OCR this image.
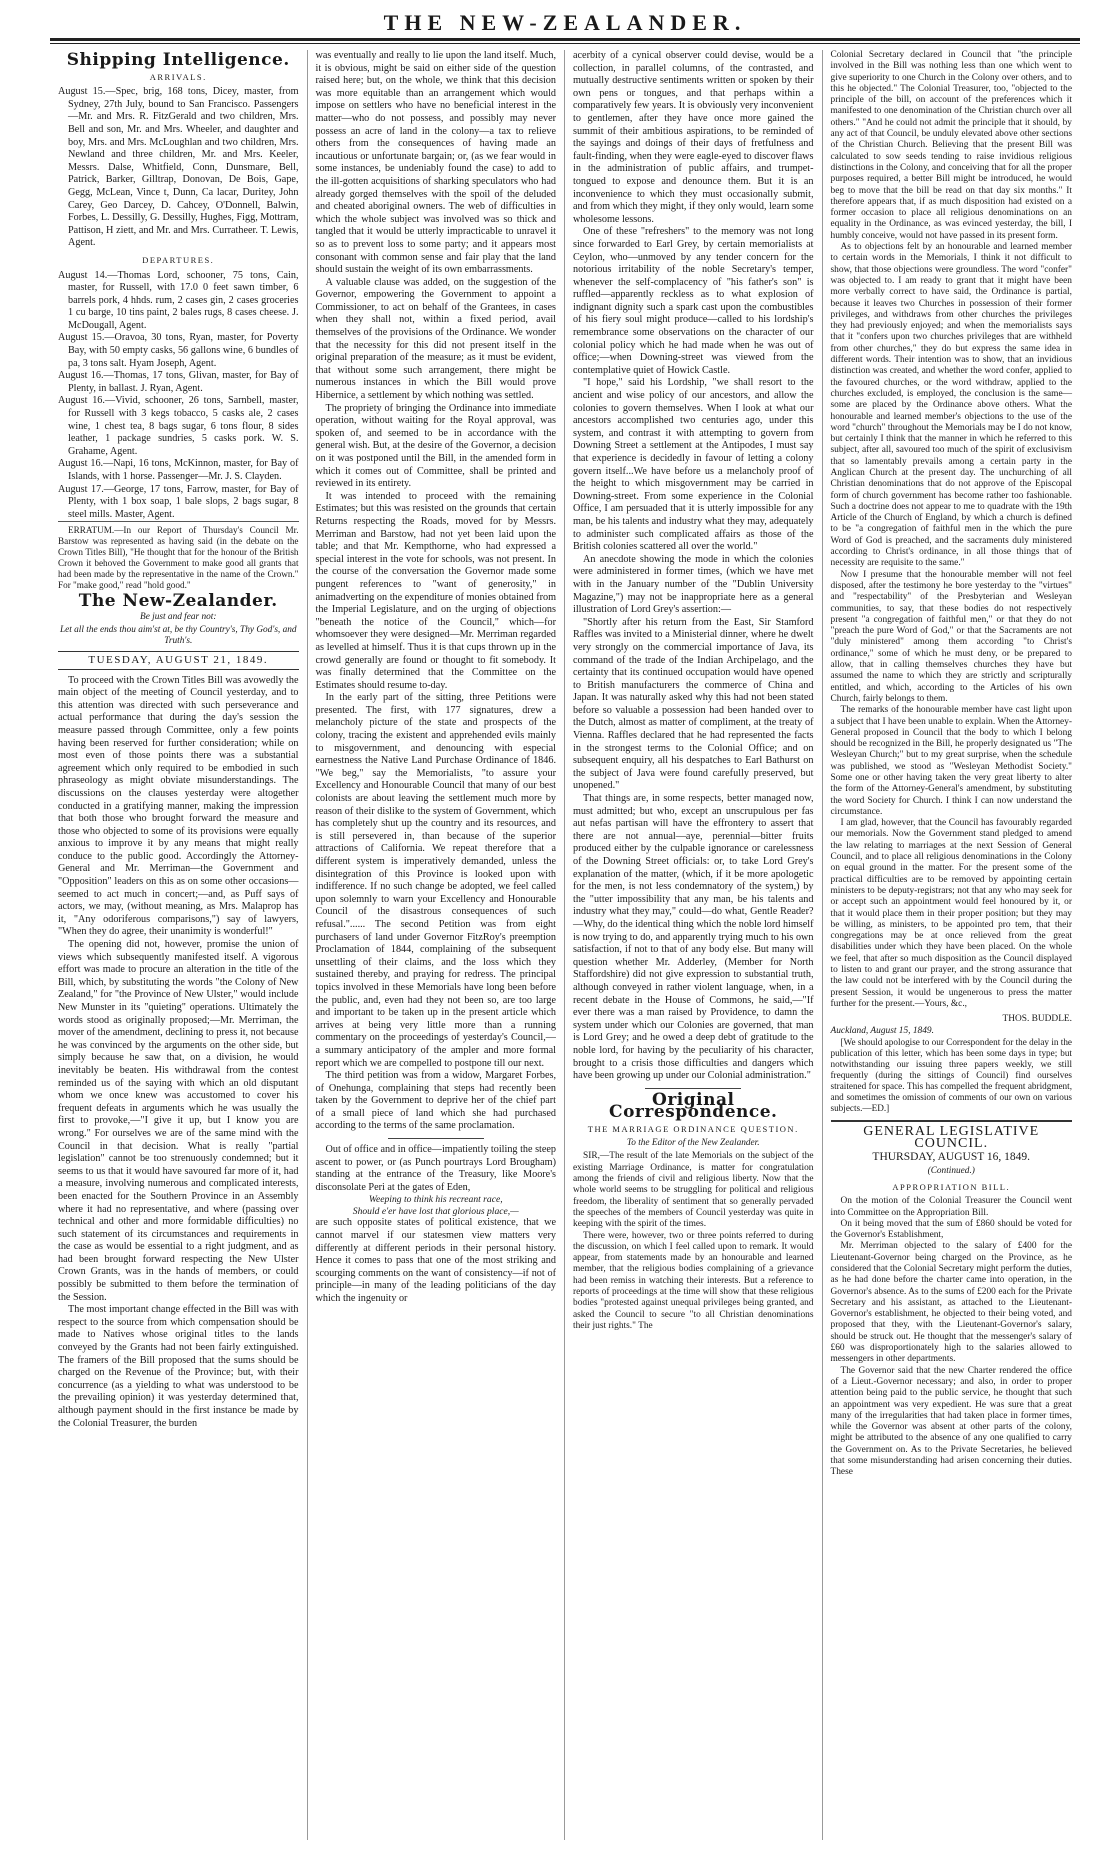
THE NEW-ZEALANDER.
Shipping Intelligence.
ARRIVALS.

August 15.—Spec, brig, 168 tons, Dicey, master, from Sydney, 27th July, bound to San Francisco. Passengers—Mr. and Mrs. R. FitzGerald and two children, Mrs. Bell and son, Mr. and Mrs. Wheeler, and daughter and boy, Mrs. and Mrs. McLoughlan and two children, Mrs. Newland and three children, Mr. and Mrs. Keeler, Messrs. Dalse, Whitfield, Conn, Dunsmare, Bell, Patrick, Barker, Gilltrap, Donovan, De Bois, Gape, Gegg, McLean, Vince t, Dunn, Ca lacar, Duritey, John Carey, Geo Darcey, D. Cahcey, O'Donnell, Balwin, Forbes, L. Dessilly, G. Dessilly, Hughes, Figg, Mottram, Pattison, H ziett, and Mr. and Mrs. Curratheer. T. Lewis, Agent.

DEPARTURES.

August 14.—Thomas Lord, schooner, 75 tons, Cain, master, for Russell, with 17.0 0 feet sawn timber, 6 barrels pork, 4 hhds. rum, 2 cases gin, 2 cases groceries 1 cu barge, 10 tins paint, 2 bales rugs, 8 cases cheese. J. McDougall, Agent.

August 15.—Oravoa, 30 tons, Ryan, master, for Poverty Bay, with 50 empty casks, 56 gallons wine, 6 bundles of pa, 3 tons salt. Hyam Joseph, Agent.

August 16.—Thomas, 17 tons, Glivan, master, for Bay of Plenty, in ballast. J. Ryan, Agent.

August 16.—Vivid, schooner, 26 tons, Sarnbell, master, for Russell with 3 kegs tobacco, 5 casks ale, 2 cases wine, 1 chest tea, 8 bags sugar, 6 tons flour, 8 sides leather, 1 package sundries, 5 casks pork. W. S. Grahame, Agent.

August 16.—Napi, 16 tons, McKinnon, master, for Bay of Islands, with 1 horse. Passenger—Mr. J. S. Clayden.

August 17.—George, 17 tons, Farrow, master, for Bay of Plenty, with 1 box soap, 1 bale slops, 2 bags sugar, 8 steel mills. Master, Agent.

ERRATUM.—In our Report of Thursday's Council Mr. Barstow was represented as having said (in the debate on the Crown Titles Bill), "He thought that for the honour of the British Crown it behoved the Government to make good all grants that had been made by the representative in the name of the Crown." For "make good," read "hold good."

The New-Zealander.
Be just and fear not:
Let all the ends thou aim'st at, be thy Country's, Thy God's, and Truth's.
TUESDAY, AUGUST 21, 1849.

To proceed with the Crown Titles Bill was avowedly the main object of the meeting of Council yesterday, and to this attention was directed with such perseverance and actual performance that during the day's session the measure passed through Committee, only a few points having been reserved for further consideration; while on most even of those points there was a substantial agreement which only required to be embodied in such phraseology as might obviate misunderstandings. The discussions on the clauses yesterday were altogether conducted in a gratifying manner, making the impression that both those who brought forward the measure and those who objected to some of its provisions were equally anxious to improve it by any means that might really conduce to the public good. Accordingly the Attorney-General and Mr. Merriman—the Government and "Opposition" leaders on this as on some other occasions—seemed to act much in concert;—and, as Puff says of actors, we may, (without meaning, as Mrs. Malaprop has it, "Any odoriferous comparisons,") say of lawyers, "When they do agree, their unanimity is wonderful!"

The opening did not, however, promise the union of views which subsequently manifested itself. A vigorous effort was made to procure an alteration in the title of the Bill, which, by substituting the words "the Colony of New Zealand," for "the Province of New Ulster," would include New Munster in its "quieting" operations. Ultimately the words stood as originally proposed;—Mr. Merriman, the mover of the amendment, declining to press it, not because he was convinced by the arguments on the other side, but simply because he saw that, on a division, he would inevitably be beaten. His withdrawal from the contest reminded us of the saying with which an old disputant whom we once knew was accustomed to cover his frequent defeats in arguments which he was usually the first to provoke,—"I give it up, but I know you are wrong." For ourselves we are of the same mind with the Council in that decision. What is really "partial legislation" cannot be too strenuously condemned; but it seems to us that it would have savoured far more of it, had a measure, involving numerous and complicated interests, been enacted for the Southern Province in an Assembly where it had no representative, and where (passing over technical and other and more formidable difficulties) no such statement of its circumstances and requirements in the case as would be essential to a right judgment, and as had been brought forward respecting the New Ulster Crown Grants, was in the hands of members, or could possibly be submitted to them before the termination of the Session.

The most important change effected in the Bill was with respect to the source from which compensation should be made to Natives whose original titles to the lands conveyed by the Grants had not been fairly extinguished. The framers of the Bill proposed that the sums should be charged on the Revenue of the Province; but, with their concurrence (as a yielding to what was understood to be the prevailing opinion) it was yesterday determined that, although payment should in the first instance be made by the Colonial Treasurer, the burden

was eventually and really to lie upon the land itself. Much, it is obvious, might be said on either side of the question raised here; but, on the whole, we think that this decision was more equitable than an arrangement which would impose on settlers who have no beneficial interest in the matter—who do not possess, and possibly may never possess an acre of land in the colony—a tax to relieve others from the consequences of having made an incautious or unfortunate bargain; or, (as we fear would in some instances, be undeniably found the case) to add to the ill-gotten acquisitions of sharking speculators who had already gorged themselves with the spoil of the deluded and cheated aboriginal owners. The web of difficulties in which the whole subject was involved was so thick and tangled that it would be utterly impracticable to unravel it so as to prevent loss to some party; and it appears most consonant with common sense and fair play that the land should sustain the weight of its own embarrassments.

A valuable clause was added, on the suggestion of the Governor, empowering the Government to appoint a Commissioner, to act on behalf of the Grantees, in cases when they shall not, within a fixed period, avail themselves of the provisions of the Ordinance. We wonder that the necessity for this did not present itself in the original preparation of the measure; as it must be evident, that without some such arrangement, there might be numerous instances in which the Bill would prove Hibernice, a settlement by which nothing was settled.

The propriety of bringing the Ordinance into immediate operation, without waiting for the Royal approval, was spoken of, and seemed to be in accordance with the general wish. But, at the desire of the Governor, a decision on it was postponed until the Bill, in the amended form in which it comes out of Committee, shall be printed and reviewed in its entirety.

It was intended to proceed with the remaining Estimates; but this was resisted on the grounds that certain Returns respecting the Roads, moved for by Messrs. Merriman and Barstow, had not yet been laid upon the table; and that Mr. Kempthorne, who had expressed a special interest in the vote for schools, was not present. In the course of the conversation the Governor made some pungent references to "want of generosity," in animadverting on the expenditure of monies obtained from the Imperial Legislature, and on the urging of objections "beneath the notice of the Council," which—for whomsoever they were designed—Mr. Merriman regarded as levelled at himself. Thus it is that cups thrown up in the crowd generally are found or thought to fit somebody. It was finally determined that the Committee on the Estimates should resume to-day.

In the early part of the sitting, three Petitions were presented. The first, with 177 signatures, drew a melancholy picture of the state and prospects of the colony, tracing the existent and apprehended evils mainly to misgovernment, and denouncing with especial earnestness the Native Land Purchase Ordinance of 1846. "We beg," say the Memorialists, "to assure your Excellency and Honourable Council that many of our best colonists are about leaving the settlement much more by reason of their dislike to the system of Government, which has completely shut up the country and its resources, and is still persevered in, than because of the superior attractions of California. We repeat therefore that a different system is imperatively demanded, unless the disintegration of this Province is looked upon with indifference. If no such change be adopted, we feel called upon solemnly to warn your Excellency and Honourable Council of the disastrous consequences of such refusal."...... The second Petition was from eight purchasers of land under Governor FitzRoy's preemption Proclamation of 1844, complaining of the subsequent unsettling of their claims, and the loss which they sustained thereby, and praying for redress. The principal topics involved in these Memorials have long been before the public, and, even had they not been so, are too large and important to be taken up in the present article which arrives at being very little more than a running commentary on the proceedings of yesterday's Council,—a summary anticipatory of the ampler and more formal report which we are compelled to postpone till our next.

The third petition was from a widow, Margaret Forbes, of Onehunga, complaining that steps had recently been taken by the Government to deprive her of the chief part of a small piece of land which she had purchased according to the terms of the same proclamation.

Out of office and in office—impatiently toiling the steep ascent to power, or (as Punch pourtrays Lord Brougham) standing at the entrance of the Treasury, like Moore's disconsolate Peri at the gates of Eden,

Weeping to think his recreant race,

Should e'er have lost that glorious place,—

are such opposite states of political existence, that we cannot marvel if our statesmen view matters very differently at different periods in their personal history. Hence it comes to pass that one of the most striking and scourging comments on the want of consistency—if not of principle—in many of the leading politicians of the day which the ingenuity or

acerbity of a cynical observer could devise, would be a collection, in parallel columns, of the contrasted, and mutually destructive sentiments written or spoken by their own pens or tongues, and that perhaps within a comparatively few years. It is obviously very inconvenient to gentlemen, after they have once more gained the summit of their ambitious aspirations, to be reminded of the sayings and doings of their days of fretfulness and fault-finding, when they were eagle-eyed to discover flaws in the administration of public affairs, and trumpet-tongued to expose and denounce them. But it is an inconvenience to which they must occasionally submit, and from which they might, if they only would, learn some wholesome lessons.

One of these "refreshers" to the memory was not long since forwarded to Earl Grey, by certain memorialists at Ceylon, who—unmoved by any tender concern for the notorious irritability of the noble Secretary's temper, whenever the self-complacency of "his father's son" is ruffled—apparently reckless as to what explosion of indignant dignity such a spark cast upon the combustibles of his fiery soul might produce—called to his lordship's remembrance some observations on the character of our colonial policy which he had made when he was out of office;—when Downing-street was viewed from the contemplative quiet of Howick Castle.

"I hope," said his Lordship, "we shall resort to the ancient and wise policy of our ancestors, and allow the colonies to govern themselves. When I look at what our ancestors accomplished two centuries ago, under this system, and contrast it with attempting to govern from Downing Street a settlement at the Antipodes, I must say that experience is decidedly in favour of letting a colony govern itself...We have before us a melancholy proof of the height to which misgovernment may be carried in Downing-street. From some experience in the Colonial Office, I am persuaded that it is utterly impossible for any man, be his talents and industry what they may, adequately to administer such complicated affairs as those of the British colonies scattered all over the world."

An anecdote showing the mode in which the colonies were administered in former times, (which we have met with in the January number of the "Dublin University Magazine,") may not be inappropriate here as a general illustration of Lord Grey's assertion:—

"Shortly after his return from the East, Sir Stamford Raffles was invited to a Ministerial dinner, where he dwelt very strongly on the commercial importance of Java, its command of the trade of the Indian Archipelago, and the certainty that its continued occupation would have opened to British manufacturers the commerce of China and Japan. It was naturally asked why this had not been stated before so valuable a possession had been handed over to the Dutch, almost as matter of compliment, at the treaty of Vienna. Raffles declared that he had represented the facts in the strongest terms to the Colonial Office; and on subsequent enquiry, all his despatches to Earl Bathurst on the subject of Java were found carefully preserved, but unopened."

That things are, in some respects, better managed now, must admitted; but who, except an unscrupulous per fas aut nefas partisan will have the effrontery to assert that there are not annual—aye, perennial—bitter fruits produced either by the culpable ignorance or carelessness of the Downing Street officials: or, to take Lord Grey's explanation of the matter, (which, if it be more apologetic for the men, is not less condemnatory of the system,) by the "utter impossibility that any man, be his talents and industry what they may," could—do what, Gentle Reader?—Why, do the identical thing which the noble lord himself is now trying to do, and apparently trying much to his own satisfaction, if not to that of any body else. But many will question whether Mr. Adderley, (Member for North Staffordshire) did not give expression to substantial truth, although conveyed in rather violent language, when, in a recent debate in the House of Commons, he said,—"If ever there was a man raised by Providence, to damn the system under which our Colonies are governed, that man is Lord Grey; and he owed a deep debt of gratitude to the noble lord, for having by the peculiarity of his character, brought to a crisis those difficulties and dangers which have been growing up under our Colonial administration."

Original Correspondence.
THE MARRIAGE ORDINANCE QUESTION.
To the Editor of the New Zealander.

SIR,—The result of the late Memorials on the subject of the existing Marriage Ordinance, is matter for congratulation among the friends of civil and religious liberty. Now that the whole world seems to be struggling for political and religious freedom, the liberality of sentiment that so generally pervaded the speeches of the members of Council yesterday was quite in keeping with the spirit of the times.

There were, however, two or three points referred to during the discussion, on which I feel called upon to remark. It would appear, from statements made by an honourable and learned member, that the religious bodies complaining of a grievance had been remiss in watching their interests. But a reference to reports of proceedings at the time will show that these religious bodies "protested against unequal privileges being granted, and asked the Council to secure "to all Christian denominations their just rights." The

Colonial Secretary declared in Council that "the principle involved in the Bill was nothing less than one which went to give superiority to one Church in the Colony over others, and to this he objected." The Colonial Treasurer, too, "objected to the principle of the bill, on account of the preferences which it manifested to one denomination of the Christian church over all others." "And he could not admit the principle that it should, by any act of that Council, be unduly elevated above other sections of the Christian Church. Believing that the present Bill was calculated to sow seeds tending to raise invidious religious distinctions in the Colony, and conceiving that for all the proper purposes required, a better Bill might be introduced, he would beg to move that the bill be read on that day six months." It therefore appears that, if as much disposition had existed on a former occasion to place all religious denominations on an equality in the Ordinance, as was evinced yesterday, the bill, I humbly conceive, would not have passed in its present form.

As to objections felt by an honourable and learned member to certain words in the Memorials, I think it not difficult to show, that those objections were groundless. The word "confer" was objected to. I am ready to grant that it might have been more verbally correct to have said, the Ordinance is partial, because it leaves two Churches in possession of their former privileges, and withdraws from other churches the privileges they had previously enjoyed; and when the memorialists says that it "confers upon two churches privileges that are withheld from other churches," they do but express the same idea in different words. Their intention was to show, that an invidious distinction was created, and whether the word confer, applied to the favoured churches, or the word withdraw, applied to the churches excluded, is employed, the conclusion is the same—some are placed by the Ordinance above others. What the honourable and learned member's objections to the use of the word "church" throughout the Memorials may be I do not know, but certainly I think that the manner in which he referred to this subject, after all, savoured too much of the spirit of exclusivism that so lamentably prevails among a certain party in the Anglican Church at the present day. The unchurching of all Christian denominations that do not approve of the Episcopal form of church government has become rather too fashionable. Such a doctrine does not appear to me to quadrate with the 19th Article of the Church of England, by which a church is defined to be "a congregation of faithful men in the which the pure Word of God is preached, and the sacraments duly ministered according to Christ's ordinance, in all those things that of necessity are requisite to the same."

Now I presume that the honourable member will not feel disposed, after the testimony he bore yesterday to the "virtues" and "respectability" of the Presbyterian and Wesleyan communities, to say, that these bodies do not respectively present "a congregation of faithful men," or that they do not "preach the pure Word of God," or that the Sacraments are not "duly ministered" among them according "to Christ's ordinance," some of which he must deny, or be prepared to allow, that in calling themselves churches they have but assumed the name to which they are strictly and scripturally entitled, and which, according to the Articles of his own Church, fairly belongs to them.

The remarks of the honourable member have cast light upon a subject that I have been unable to explain. When the Attorney-General proposed in Council that the body to which I belong should be recognized in the Bill, he properly designated us "The Wesleyan Church;" but to my great surprise, when the schedule was published, we stood as "Wesleyan Methodist Society." Some one or other having taken the very great liberty to alter the form of the Attorney-General's amendment, by substituting the word Society for Church. I think I can now understand the circumstance.

I am glad, however, that the Council has favourably regarded our memorials. Now the Government stand pledged to amend the law relating to marriages at the next Session of General Council, and to place all religious denominations in the Colony on equal ground in the matter. For the present some of the practical difficulties are to be removed by appointing certain ministers to be deputy-registrars; not that any who may seek for or accept such an appointment would feel honoured by it, or that it would place them in their proper position; but they may be willing, as ministers, to be appointed pro tem, that their congregations may be at once relieved from the great disabilities under which they have been placed. On the whole we feel, that after so much disposition as the Council displayed to listen to and grant our prayer, and the strong assurance that the law could not be interfered with by the Council during the present Session, it would be ungenerous to press the matter further for the present.—Yours, &c.,

THOS. BUDDLE.

Auckland, August 15, 1849.

[We should apologise to our Correspondent for the delay in the publication of this letter, which has been some days in type; but notwithstanding our issuing three papers weekly, we still frequently (during the sittings of Council) find ourselves straitened for space. This has compelled the frequent abridgment, and sometimes the omission of comments of our own on various subjects.—ED.]

GENERAL LEGISLATIVE COUNCIL.
THURSDAY, AUGUST 16, 1849.
(Continued.)
APPROPRIATION BILL.

On the motion of the Colonial Treasurer the Council went into Committee on the Appropriation Bill.

On it being moved that the sum of £860 should be voted for the Governor's Establishment,

Mr. Merriman objected to the salary of £400 for the Lieutenant-Governor being charged on the Province, as he considered that the Colonial Secretary might perform the duties, as he had done before the charter came into operation, in the Governor's absence. As to the sums of £200 each for the Private Secretary and his assistant, as attached to the Lieutenant-Governor's establishment, he objected to their being voted, and proposed that they, with the Lieutenant-Governor's salary, should be struck out. He thought that the messenger's salary of £60 was disproportionately high to the salaries allowed to messengers in other departments.

The Governor said that the new Charter rendered the office of a Lieut.-Governor necessary; and also, in order to proper attention being paid to the public service, he thought that such an appointment was very expedient. He was sure that a great many of the irregularities that had taken place in former times, while the Governor was absent at other parts of the colony, might be attributed to the absence of any one qualified to carry the Government on. As to the Private Secretaries, he believed that some misunderstanding had arisen concerning their duties. These
